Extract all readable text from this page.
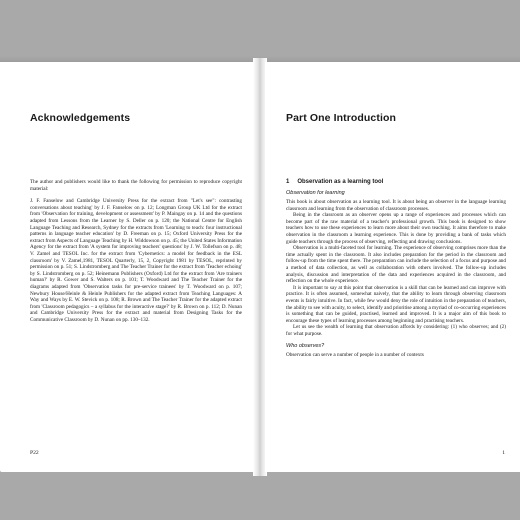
Acknowledgements

The author and publishers would like to thank the following for permission to reproduce copyright material:

J. F. Fanselow and Cambridge University Press for the extract from "Let's see": contrasting conversations about teaching' by J. F. Fanselow on p. 12; Longman Group UK Ltd for the extract from 'Observation for training, development or assessment' by P. Maingay on p. 14 and the questions adapted from Lessons from the Learner by S. Deller on p. 120; the National Centre for English Language Teaching and Research, Sydney for the extracts from 'Learning to teach: four instructional patterns in language teacher education' by D. Freeman on p. 15; Oxford University Press for the extract from Aspects of Language Teaching by H. Widdowson on p. 45; the United States Information Agency for the extract from 'A system for improving teachers' questions' by J. W. Tollefson on p. 48; V. Zamel and TESOL Inc. for the extract from 'Cybernetics: a model for feedback in the ESL classroom' by V. Zamel,1981, TESOL Quarterly, 15, 2, Copyright 1981 by TESOL, reprinted by permission on p. 51; S. Lindstromberg and The Teacher Trainer for the extract from 'Teacher echoing' by S. Lindstromberg on p. 52; Heinemann Publishers (Oxford) Ltd for the extract from 'Are trainers human?' by R. Gower and S. Walters on p. 101; T. Woodward and The Teacher Trainer for the diagrams adapted from 'Observation tasks for pre-service trainees' by T. Woodward on p. 107; Newbury House/Heinle & Heinle Publishers for the adapted extract from Teaching Languages: A Way and Ways by E. W. Stevick on p. 108; R. Brown and The Teacher Trainer for the adapted extract from 'Classroom pedagogics – a syllabus for the interactive stage?' by R. Brown on p. 112; D. Nunan and Cambridge University Press for the extract and material from Designing Tasks for the Communicative Classroom by D. Nunan on pp. 130–132.

P22
Part One Introduction
1 Observation as a learning tool
Observation for learning

This book is about observation as a learning tool. It is about being an observer in the language learning classroom and learning from the observation of classroom processes.

Being in the classroom as an observer opens up a range of experiences and processes which can become part of the raw material of a teacher's professional growth. This book is designed to show teachers how to use these experiences to learn more about their own teaching. It aims therefore to make observation in the classroom a learning experience. This is done by providing a bank of tasks which guide teachers through the process of observing, reflecting and drawing conclusions.

Observation is a multi-faceted tool for learning. The experience of observing comprises more than the time actually spent in the classroom. It also includes preparation for the period in the classroom and follow-up from the time spent there. The preparation can include the selection of a focus and purpose and a method of data collection, as well as collaboration with others involved. The follow-up includes analysis, discussion and interpretation of the data and experiences acquired in the classroom, and reflection on the whole experience.

It is important to say at this point that observation is a skill that can be learned and can improve with practice. It is often assumed, somewhat naively, that the ability to learn through observing classroom events is fairly intuitive. In fact, while few would deny the role of intuition in the preparation of teachers, the ability to see with acuity, to select, identify and prioritise among a myriad of co-occurring experiences is something that can be guided, practised, learned and improved. It is a major aim of this book to encourage these types of learning processes among beginning and practising teachers.

Let us see the wealth of learning that observation affords by considering: (1) who observes; and (2) for what purpose.

Who observes?

Observation can serve a number of people in a number of contexts

1
